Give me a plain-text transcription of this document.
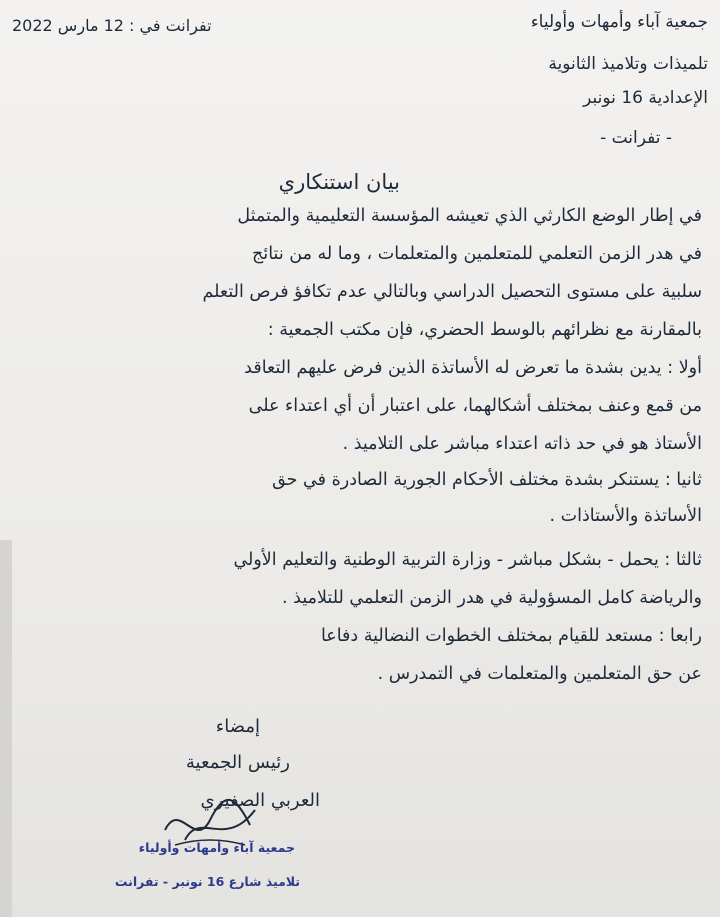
جمعية آباء وأمهات وأولياء
تلميذات وتلاميذ الثانوية
الإعدادية 16 نونبر
- تفرانت -
تفرانت في : 12 مارس 2022
بيان استنكاري
في إطار الوضع الكارثي الذي تعيشه المؤسسة التعليمية والمتمثل
في هدر الزمن التعلمي للمتعلمين والمتعلمات ، وما له من نتائج
سلبية على مستوى التحصيل الدراسي وبالتالي عدم تكافؤ فرص التعلم
بالمقارنة مع نظرائهم بالوسط الحضري، فإن مكتب الجمعية :
أولا : يدين بشدة ما تعرض له الأساتذة الذين فرض عليهم التعاقد
من قمع وعنف بمختلف أشكالهما، على اعتبار أن أي اعتداء على
الأستاذ هو في حد ذاته اعتداء مباشر على التلاميذ .
ثانيا : يستنكر بشدة مختلف الأحكام الجورية الصادرة في حق
الأساتذة والأستاذات .
ثالثا : يحمل - بشكل مباشر - وزارة التربية الوطنية والتعليم الأولي
والرياضة كامل المسؤولية في هدر الزمن التعلمي للتلاميذ .
رابعا : مستعد للقيام بمختلف الخطوات النضالية دفاعا
عن حق المتعلمين والمتعلمات في التمدرس .
إمضاء
رئيس الجمعية
العربي الصفيري
جمعية آباء وأمهات وأولياء
تلاميذ شارع 16 نونبر - تفرانت
